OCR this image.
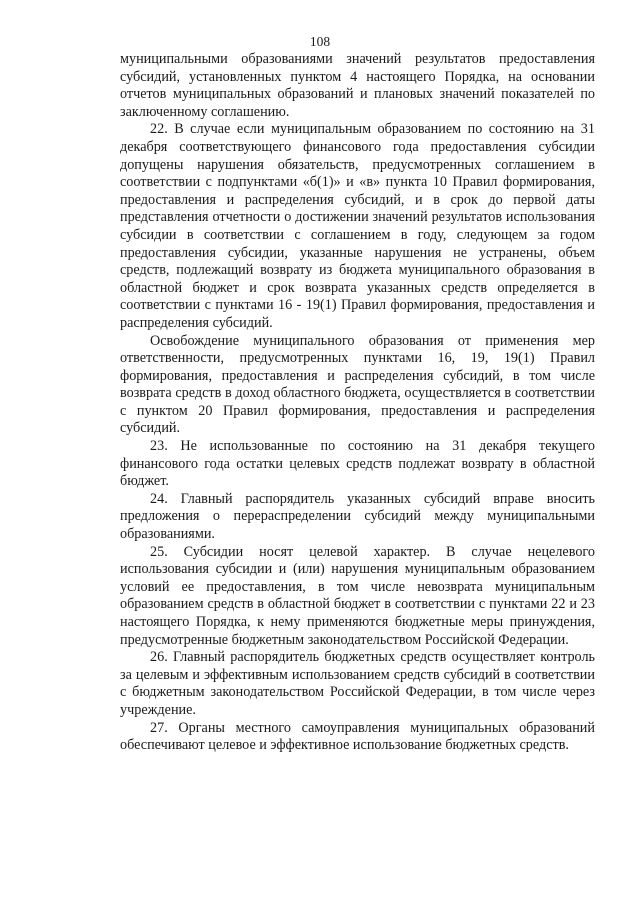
108

муниципальными образованиями значений результатов предоставления субсидий, установленных пунктом 4 настоящего Порядка, на основании отчетов муниципальных образований и плановых значений показателей по заключенному соглашению.

22. В случае если муниципальным образованием по состоянию на 31 декабря соответствующего финансового года предоставления субсидии допущены нарушения обязательств, предусмотренных соглашением в соответствии с подпунктами «б(1)» и «в» пункта 10 Правил формирования, предоставления и распределения субсидий, и в срок до первой даты представления отчетности о достижении значений результатов использования субсидии в соответствии с соглашением в году, следующем за годом предоставления субсидии, указанные нарушения не устранены, объем средств, подлежащий возврату из бюджета муниципального образования в областной бюджет и срок возврата указанных средств определяется в соответствии с пунктами 16 - 19(1) Правил формирования, предоставления и распределения субсидий.

Освобождение муниципального образования от применения мер ответственности, предусмотренных пунктами 16, 19, 19(1) Правил формирования, предоставления и распределения субсидий, в том числе возврата средств в доход областного бюджета, осуществляется в соответствии с пунктом 20 Правил формирования, предоставления и распределения субсидий.

23. Не использованные по состоянию на 31 декабря текущего финансового года остатки целевых средств подлежат возврату в областной бюджет.

24. Главный распорядитель указанных субсидий вправе вносить предложения о перераспределении субсидий между муниципальными образованиями.

25. Субсидии носят целевой характер. В случае нецелевого использования субсидии и (или) нарушения муниципальным образованием условий ее предоставления, в том числе невозврата муниципальным образованием средств в областной бюджет в соответствии с пунктами 22 и 23 настоящего Порядка, к нему применяются бюджетные меры принуждения, предусмотренные бюджетным законодательством Российской Федерации.

26. Главный распорядитель бюджетных средств осуществляет контроль за целевым и эффективным использованием средств субсидий в соответствии с бюджетным законодательством Российской Федерации, в том числе через учреждение.

27. Органы местного самоуправления муниципальных образований обеспечивают целевое и эффективное использование бюджетных средств.
